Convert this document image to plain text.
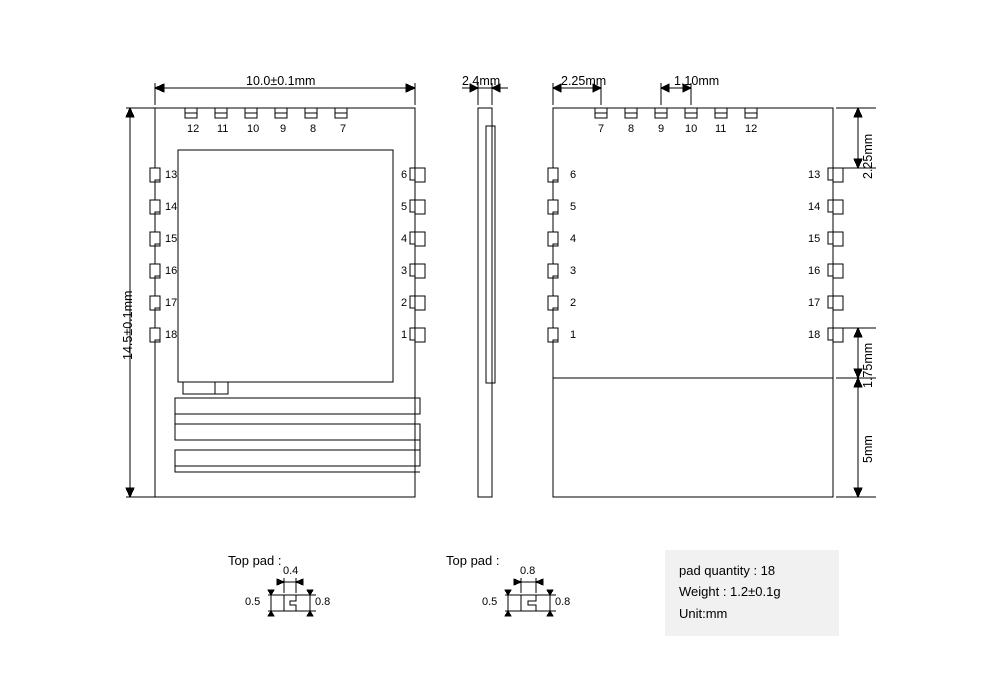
10.0±0.1mm
14.5±0.1mm
12 11 10 9 8 7
13
14
15
16
17
18
6
5
4
3
2
1
2.4mm	2.25mm	1.10mm
7 8 9 10 11 12
6
5
4
3
2
1
13
14
15
16
17
18
2.25mm
1.75mm
5mm
Top pad :
0.4
0.5	0.8
Top pad :
0.8
0.5	0.8
pad quantity : 18
Weight : 1.2±0.1g
Unit:mm
